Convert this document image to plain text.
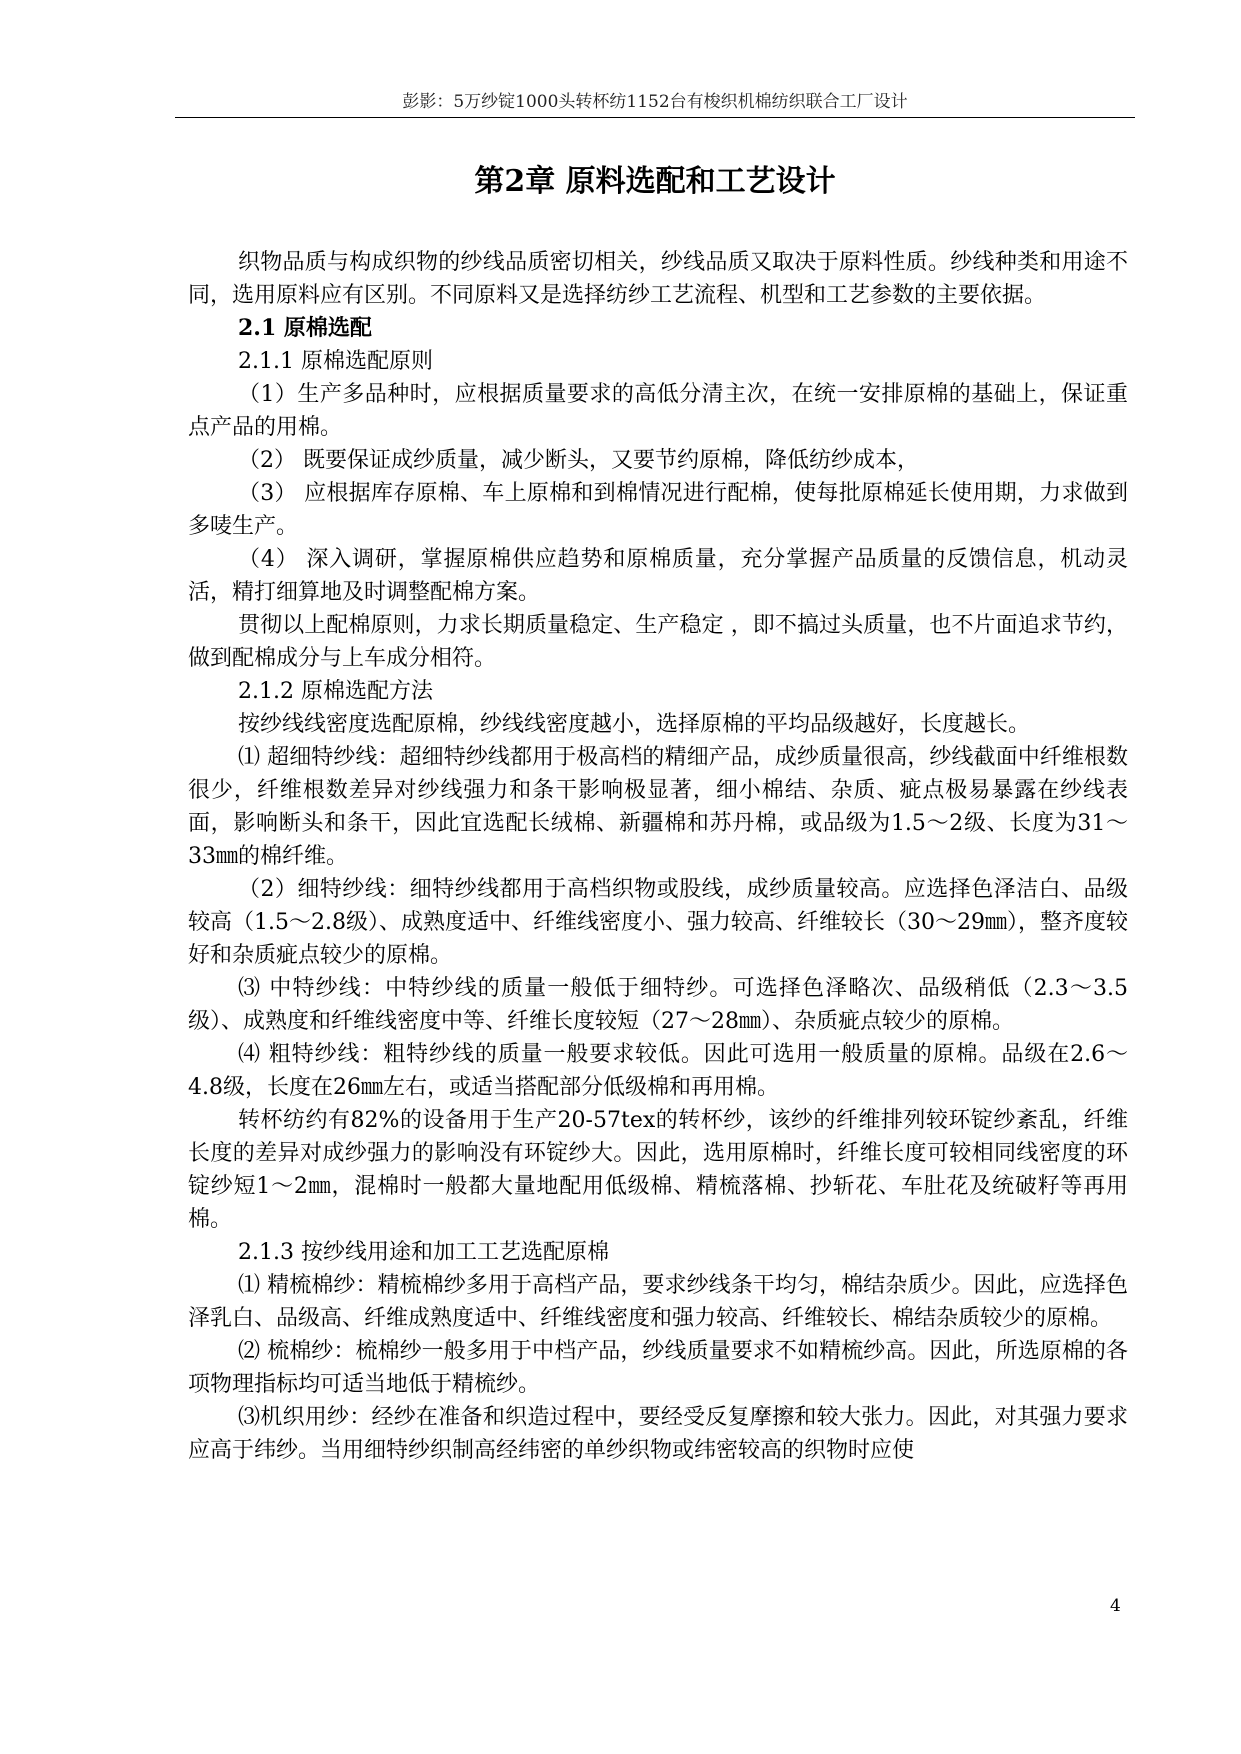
彭影：5万纱锭1000头转杯纺1152台有梭织机棉纺织联合工厂设计
第2章 原料选配和工艺设计

织物品质与构成织物的纱线品质密切相关，纱线品质又取决于原料性质。纱线种类和用途不同，选用原料应有区别。不同原料又是选择纺纱工艺流程、机型和工艺参数的主要依据。

2.1 原棉选配

2.1.1 原棉选配原则

（1）生产多品种时，应根据质量要求的高低分清主次，在统一安排原棉的基础上，保证重点产品的用棉。

（2） 既要保证成纱质量，减少断头，又要节约原棉，降低纺纱成本，

（3） 应根据库存原棉、车上原棉和到棉情况进行配棉，使每批原棉延长使用期，力求做到多唛生产。

（4） 深入调研，掌握原棉供应趋势和原棉质量，充分掌握产品质量的反馈信息，机动灵活，精打细算地及时调整配棉方案。

贯彻以上配棉原则，力求长期质量稳定、生产稳定 ，即不搞过头质量，也不片面追求节约，做到配棉成分与上车成分相符。

2.1.2 原棉选配方法

按纱线线密度选配原棉，纱线线密度越小，选择原棉的平均品级越好，长度越长。

⑴ 超细特纱线：超细特纱线都用于极高档的精细产品，成纱质量很高，纱线截面中纤维根数很少，纤维根数差异对纱线强力和条干影响极显著，细小棉结、杂质、疵点极易暴露在纱线表面，影响断头和条干，因此宜选配长绒棉、新疆棉和苏丹棉，或品级为1.5～2级、长度为31～33㎜的棉纤维。

（2）细特纱线：细特纱线都用于高档织物或股线，成纱质量较高。应选择色泽洁白、品级较高（1.5～2.8级）、成熟度适中、纤维线密度小、强力较高、纤维较长（30～29㎜），整齐度较好和杂质疵点较少的原棉。

⑶ 中特纱线：中特纱线的质量一般低于细特纱。可选择色泽略次、品级稍低（2.3～3.5级）、成熟度和纤维线密度中等、纤维长度较短（27～28㎜）、杂质疵点较少的原棉。

⑷ 粗特纱线：粗特纱线的质量一般要求较低。因此可选用一般质量的原棉。品级在2.6～4.8级，长度在26㎜左右，或适当搭配部分低级棉和再用棉。

转杯纺约有82%的设备用于生产20-57tex的转杯纱，该纱的纤维排列较环锭纱紊乱，纤维长度的差异对成纱强力的影响没有环锭纱大。因此，选用原棉时，纤维长度可较相同线密度的环锭纱短1～2㎜，混棉时一般都大量地配用低级棉、精梳落棉、抄斩花、车肚花及统破籽等再用棉。

2.1.3 按纱线用途和加工工艺选配原棉

⑴ 精梳棉纱：精梳棉纱多用于高档产品，要求纱线条干均匀，棉结杂质少。因此，应选择色泽乳白、品级高、纤维成熟度适中、纤维线密度和强力较高、纤维较长、棉结杂质较少的原棉。

⑵ 梳棉纱：梳棉纱一般多用于中档产品，纱线质量要求不如精梳纱高。因此，所选原棉的各项物理指标均可适当地低于精梳纱。

⑶机织用纱：经纱在准备和织造过程中，要经受反复摩擦和较大张力。因此，对其强力要求应高于纬纱。当用细特纱织制高经纬密的单纱织物或纬密较高的织物时应使

4
